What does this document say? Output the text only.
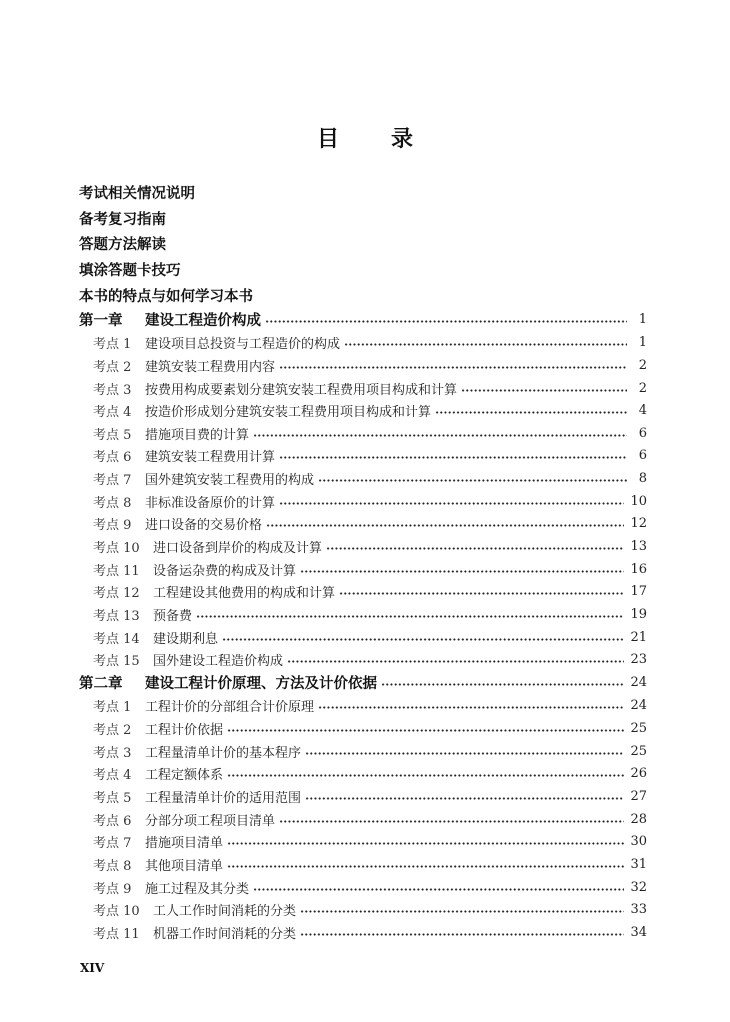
目 录
考试相关情况说明
备考复习指南
答题方法解读
填涂答题卡技巧
本书的特点与如何学习本书
第一章	建设工程造价构成	1
考点 1	建设项目总投资与工程造价的构成	1
考点 2	建筑安装工程费用内容	2
考点 3	按费用构成要素划分建筑安装工程费用项目构成和计算	2
考点 4	按造价形成划分建筑安装工程费用项目构成和计算	4
考点 5	措施项目费的计算	6
考点 6	建筑安装工程费用计算	6
考点 7	国外建筑安装工程费用的构成	8
考点 8	非标准设备原价的计算	10
考点 9	进口设备的交易价格	12
考点 10	进口设备到岸价的构成及计算	13
考点 11	设备运杂费的构成及计算	16
考点 12	工程建设其他费用的构成和计算	17
考点 13	预备费	19
考点 14	建设期利息	21
考点 15	国外建设工程造价构成	23
第二章	建设工程计价原理、方法及计价依据	24
考点 1	工程计价的分部组合计价原理	24
考点 2	工程计价依据	25
考点 3	工程量清单计价的基本程序	25
考点 4	工程定额体系	26
考点 5	工程量清单计价的适用范围	27
考点 6	分部分项工程项目清单	28
考点 7	措施项目清单	30
考点 8	其他项目清单	31
考点 9	施工过程及其分类	32
考点 10	工人工作时间消耗的分类	33
考点 11	机器工作时间消耗的分类	34
XIV
